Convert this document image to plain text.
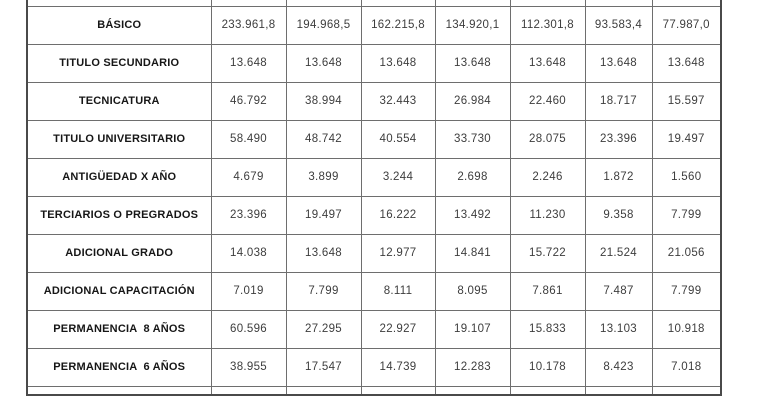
BÁSICO	233.961,8	194.968,5	162.215,8	134.920,1	112.301,8	93.583,4	77.987,0
TITULO SECUNDARIO	13.648	13.648	13.648	13.648	13.648	13.648	13.648
TECNICATURA	46.792	38.994	32.443	26.984	22.460	18.717	15.597
TITULO UNIVERSITARIO	58.490	48.742	40.554	33.730	28.075	23.396	19.497
ANTIGÜEDAD X AÑO	4.679	3.899	3.244	2.698	2.246	1.872	1.560
TERCIARIOS O PREGRADOS	23.396	19.497	16.222	13.492	11.230	9.358	7.799
ADICIONAL GRADO	14.038	13.648	12.977	14.841	15.722	21.524	21.056
ADICIONAL CAPACITACIÓN	7.019	7.799	8.111	8.095	7.861	7.487	7.799
PERMANENCIA  8 AÑOS	60.596	27.295	22.927	19.107	15.833	13.103	10.918
PERMANENCIA  6 AÑOS	38.955	17.547	14.739	12.283	10.178	8.423	7.018
